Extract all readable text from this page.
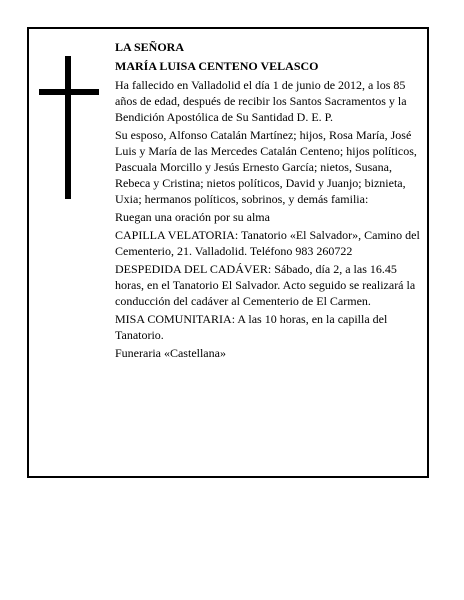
LA SEÑORA

MARÍA LUISA CENTENO VELASCO

Ha fallecido en Valladolid el día 1 de junio de 2012, a los 85 años de edad, después de recibir los Santos Sacramentos y la Bendición Apostólica de Su Santidad D. E. P.

Su esposo, Alfonso Catalán Martínez; hijos, Rosa María, José Luis y María de las Mercedes Catalán Centeno; hijos políticos, Pascuala Morcillo y Jesús Ernesto García; nietos, Susana, Rebeca y Cristina; nietos políticos, David y Juanjo; biznieta, Uxia; hermanos políticos, sobrinos, y demás familia:

Ruegan una oración por su alma

CAPILLA VELATORIA: Tanatorio «El Salvador», Camino del Cementerio, 21. Valladolid. Teléfono 983 260722

DESPEDIDA DEL CADÁVER: Sábado, día 2, a las 16.45 horas, en el Tanatorio El Salvador. Acto seguido se realizará la conducción del cadáver al Cementerio de El Carmen.

MISA COMUNITARIA: A las 10 horas, en la capilla del Tanatorio.

Funeraria «Castellana»
